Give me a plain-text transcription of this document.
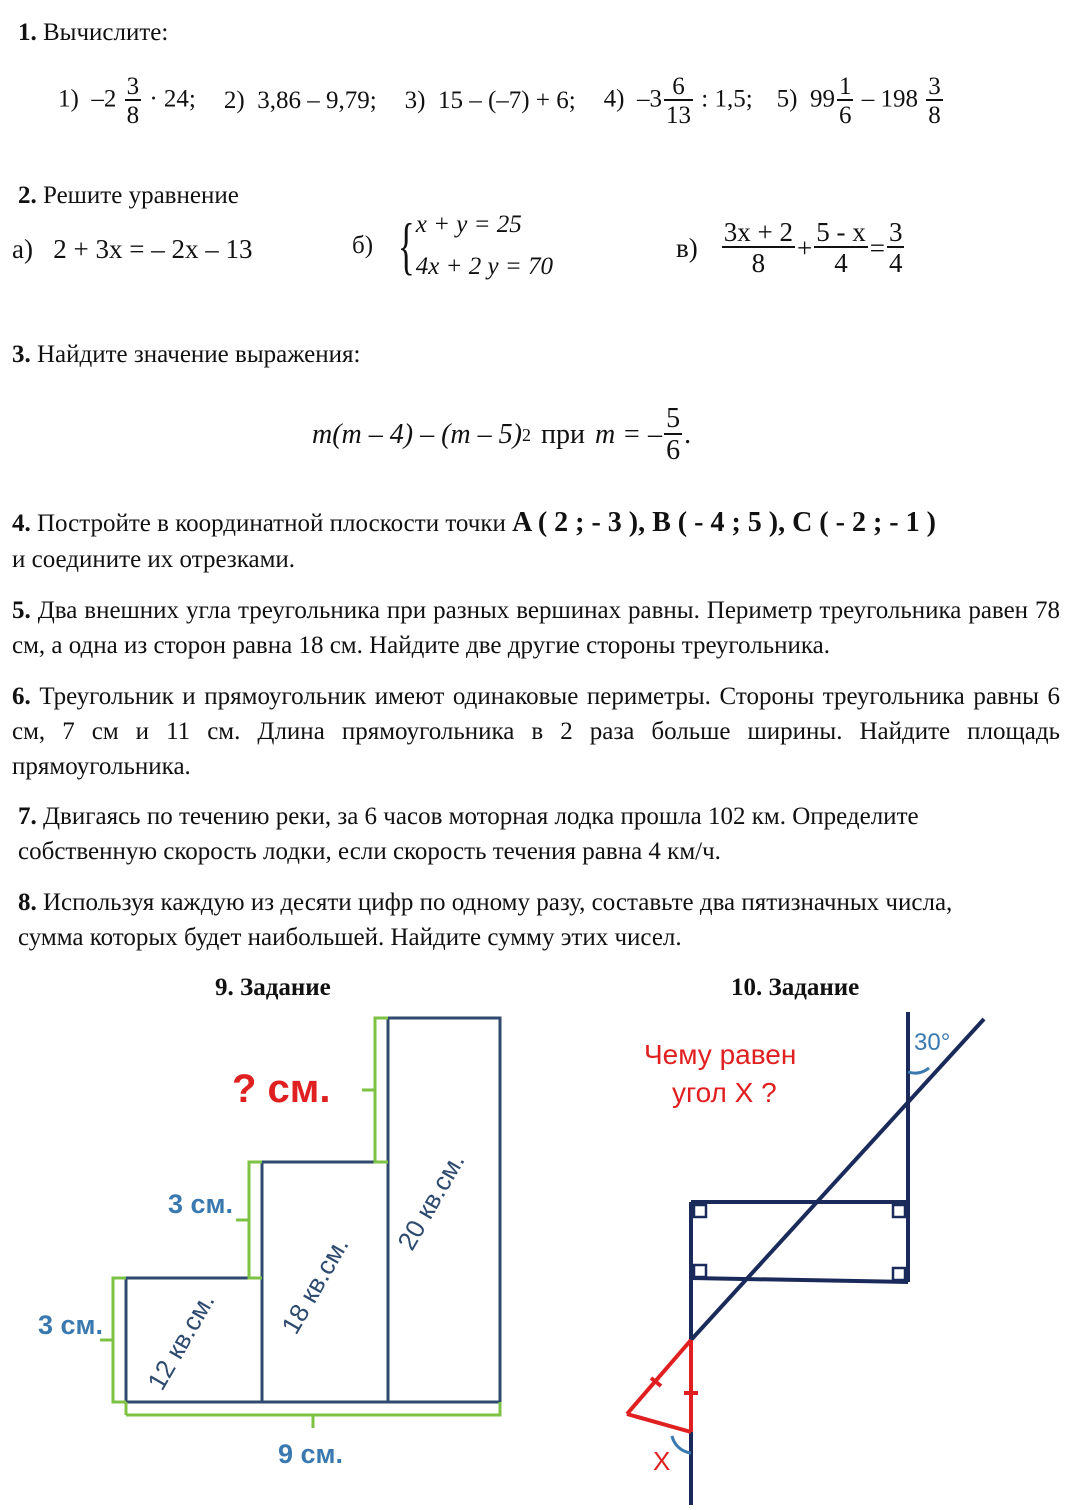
1. Вычислите:
1) $-2 \frac{3}{8} \cdot 24$; 2) 3,86 – 9,79; 3) 15 – (–7) + 6; 4) $-3 \frac{6}{13}$ : 1,5; 5) $99 \frac{1}{6} - 198 \frac{3}{8}$
2. Решите уравнение
а) 2 + 3х = – 2х – 13	б) { x + y = 25
4x + 2 y = 70
$в) \frac{3x + 2}{8} + \frac{5 - x}{4} = \frac{3}{4}$
3. Найдите значение выражения:
m(m – 4) – (m – 5) 2 при m = – $\frac{5}{6}$ .
4. Постройте в координатной плоскости точки A ( 2 ; - 3 ), B ( - 4 ; 5 ), C ( - 2 ; - 1 )
и соедините их отрезками.
5. Два внешних угла треугольника при разных вершинах равны. Периметр треугольника равен 78 см, а одна из сторон равна 18 см. Найдите две другие стороны треугольника.
6. Треугольник и прямоугольник имеют одинаковые периметры. Стороны треугольника равны 6 см, 7 см и 11 см. Длина прямоугольника в 2 раза больше ширины. Найдите площадь прямоугольника.
7. Двигаясь по течению реки, за 6 часов моторная лодка прошла 102 км. Определите собственную скорость лодки, если скорость течения равна 4 км/ч.
8. Используя каждую из десяти цифр по одному разу, составьте два пятизначных числа, сумма которых будет наибольшей. Найдите сумму этих чисел.
9. Задание
? см.
3 см.
3 см.
9 см.
12 кв.см.
18 кв.см.
20 кв.см.
10. Задание
Чему равен
угол X ?
30°
X
